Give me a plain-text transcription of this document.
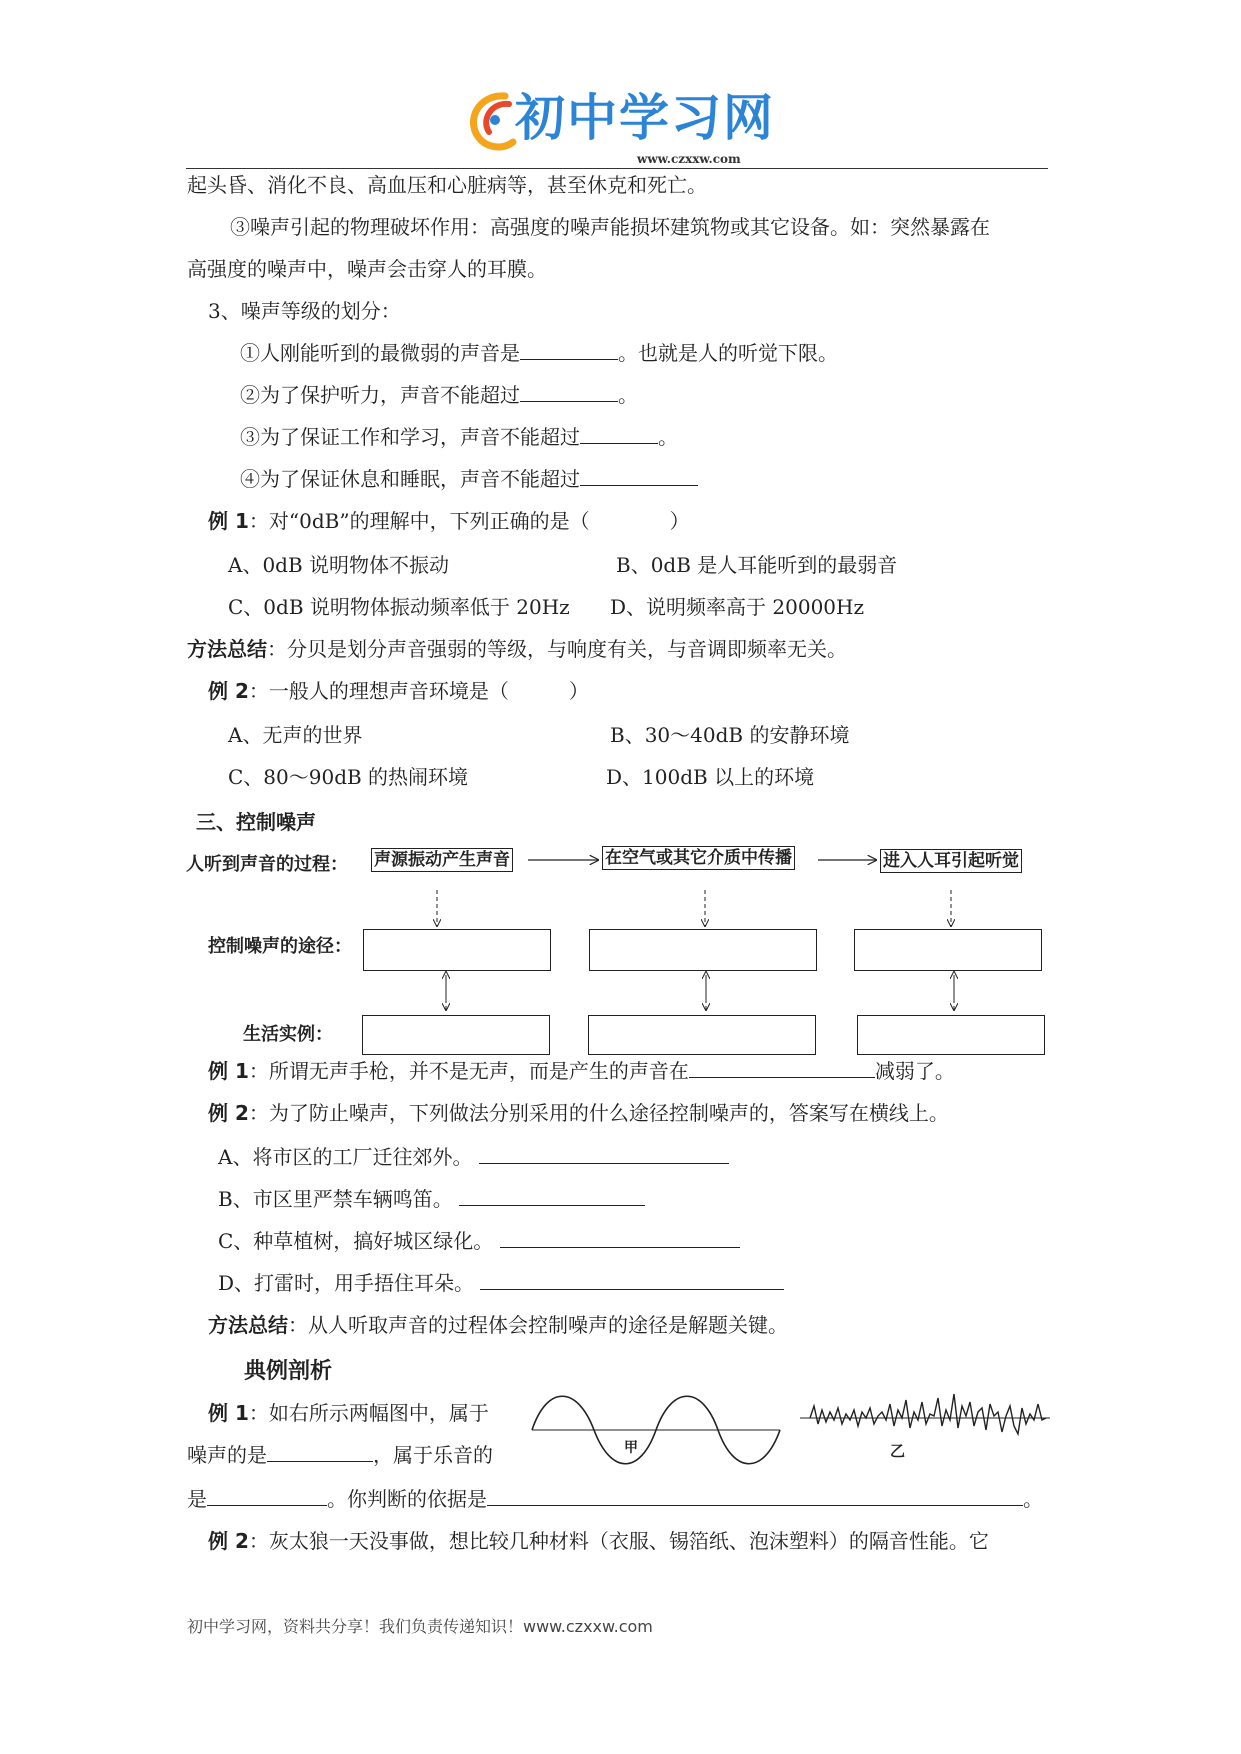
初中学习网
www.czxxw.com
起头昏、消化不良、高血压和心脏病等，甚至休克和死亡。
③噪声引起的物理破坏作用：高强度的噪声能损坏建筑物或其它设备。如：突然暴露在
高强度的噪声中，噪声会击穿人的耳膜。
3、噪声等级的划分：
①人刚能听到的最微弱的声音是	。也就是人的听觉下限。
②为了保护听力，声音不能超过	。
③为了保证工作和学习，声音不能超过	。
④为了保证休息和睡眠，声音不能超过
例 1：对“0dB”的理解中，下列正确的是（　　　　）
A、0dB 说明物体不振动	B、0dB 是人耳能听到的最弱音
C、0dB 说明物体振动频率低于 20Hz D、说明频率高于 20000Hz
方法总结：分贝是划分声音强弱的等级，与响度有关，与音调即频率无关。
例 2：一般人的理想声音环境是（　　　）
A、无声的世界	B、30～40dB 的安静环境
C、80～90dB 的热闹环境	D、100dB 以上的环境
三、控制噪声
人听到声音的过程： 声源振动产生声音	在空气或其它介质中传播	进入人耳引起听觉
控制噪声的途径：
生活实例：
例 1：所谓无声手枪，并不是无声，而是产生的声音在	减弱了。
例 2：为了防止噪声，下列做法分别采用的什么途径控制噪声的，答案写在横线上。
A、将市区的工厂迁往郊外。
B、市区里严禁车辆鸣笛。
C、种草植树，搞好城区绿化。
D、打雷时，用手捂住耳朵。
方法总结：从人听取声音的过程体会控制噪声的途径是解题关键。
典例剖析
例 1：如右所示两幅图中，属于
噪声的是	，属于乐音的
是	。你判断的依据是	。
甲	乙
例 2：灰太狼一天没事做，想比较几种材料（衣服、锡箔纸、泡沫塑料）的隔音性能。它
初中学习网，资料共分享！我们负责传递知识！www.czxxw.com
